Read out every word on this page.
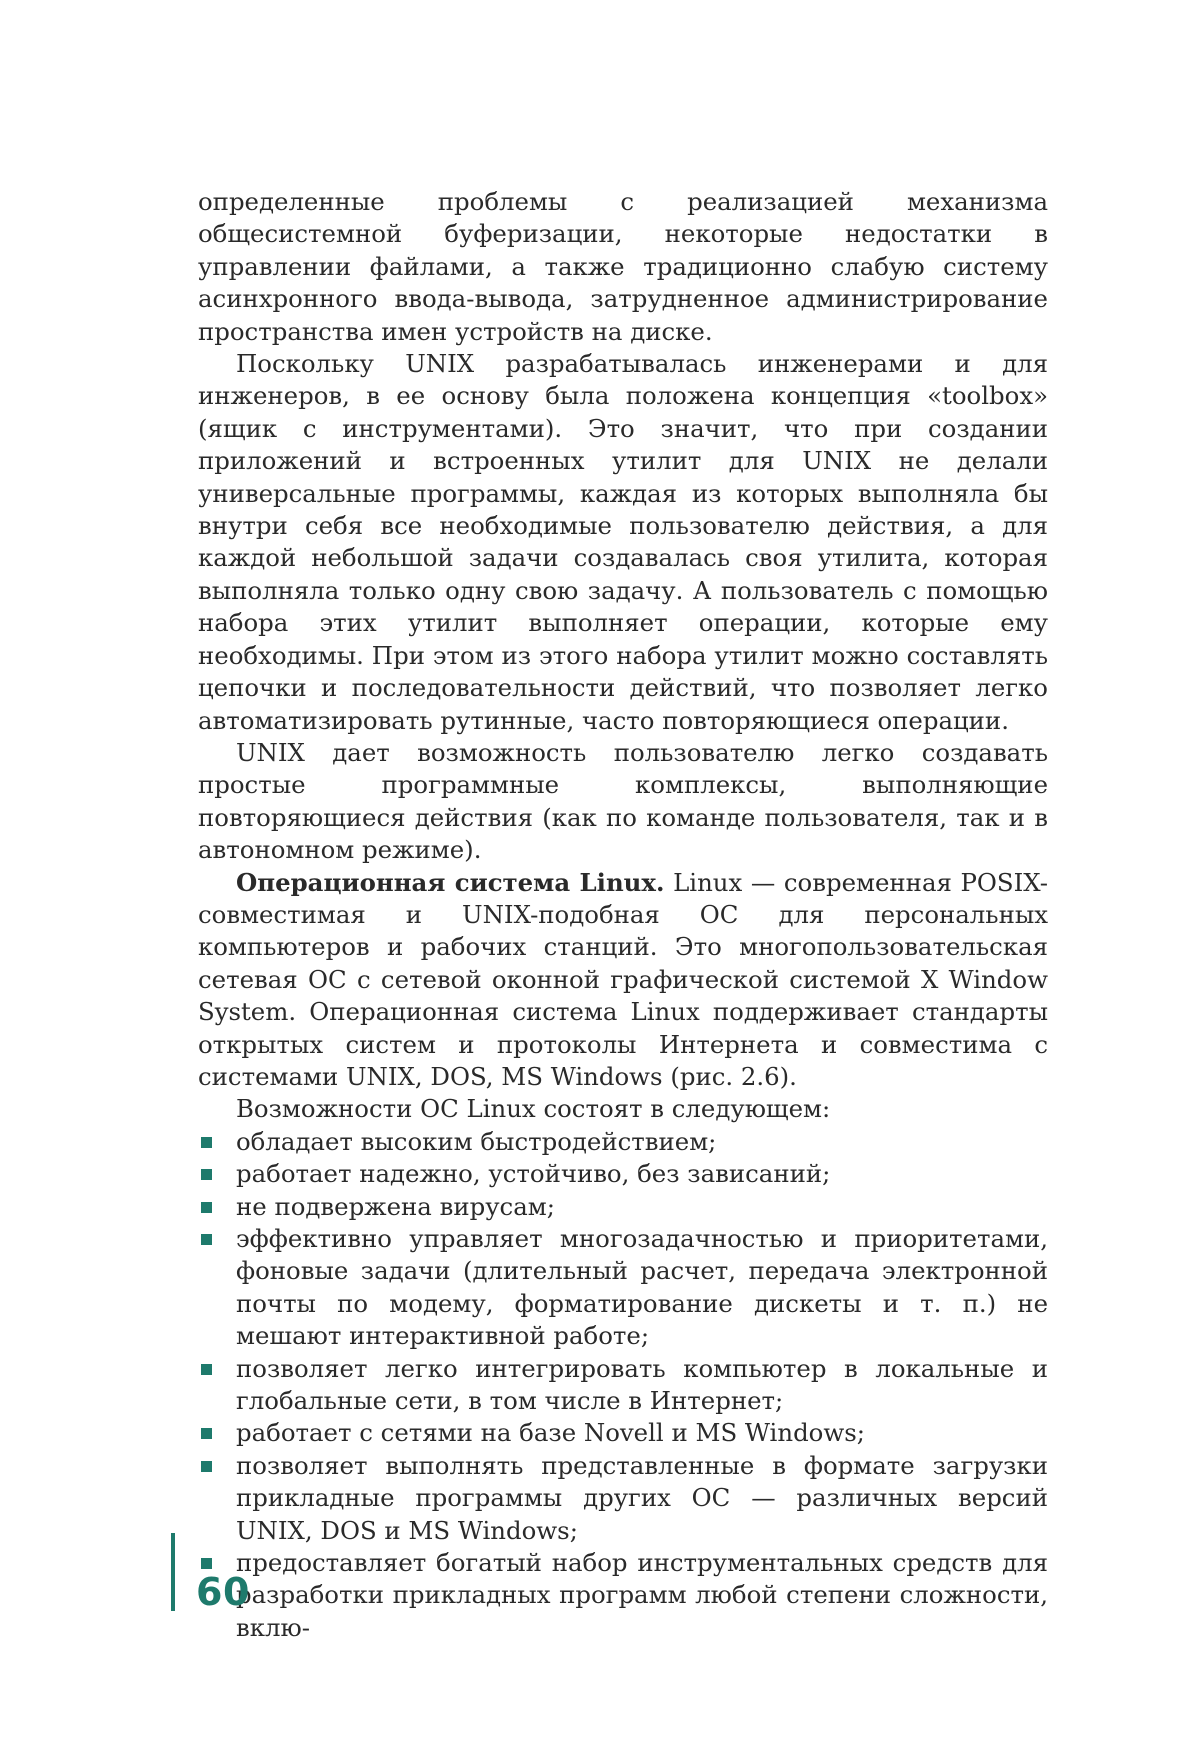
определенные проблемы с реализацией механизма общесистемной буферизации, некоторые недостатки в управлении файлами, а также традиционно слабую систему асинхронного ввода-вывода, затрудненное администрирование пространства имен устройств на диске.

Поскольку UNIX разрабатывалась инженерами и для инженеров, в ее основу была положена концепция «toolbox» (ящик с инструментами). Это значит, что при создании приложений и встроенных утилит для UNIX не делали универсальные программы, каждая из которых выполняла бы внутри себя все необходимые пользователю действия, а для каждой небольшой задачи создавалась своя утилита, которая выполняла только одну свою задачу. А пользователь с помощью набора этих утилит выполняет операции, которые ему необходимы. При этом из этого набора утилит можно составлять цепочки и последовательности действий, что позволяет легко автоматизировать рутинные, часто повторяющиеся операции.

UNIX дает возможность пользователю легко создавать простые программные комплексы, выполняющие повторяющиеся действия (как по команде пользователя, так и в автономном режиме).

Операционная система Linux. Linux — современная POSIX-совместимая и UNIX-подобная ОС для персональных компьютеров и рабочих станций. Это многопользовательская сетевая ОС с сетевой оконной графической системой X Window System. Операционная система Linux поддерживает стандарты открытых систем и протоколы Интернета и совместима с системами UNIX, DOS, MS Windows (рис. 2.6).

Возможности ОС Linux состоят в следующем:

обладает высоким быстродействием;
работает надежно, устойчиво, без зависаний;
не подвержена вирусам;
эффективно управляет многозадачностью и приоритетами, фоновые задачи (длительный расчет, передача электронной почты по модему, форматирование дискеты и т. п.) не мешают интерактивной работе;
позволяет легко интегрировать компьютер в локальные и глобальные сети, в том числе в Интернет;
работает с сетями на базе Novell и MS Windows;
позволяет выполнять представленные в формате загрузки прикладные программы других ОС — различных версий UNIX, DOS и MS Windows;
предоставляет богатый набор инструментальных средств для разработки прикладных программ любой степени сложности, вклю-
60
